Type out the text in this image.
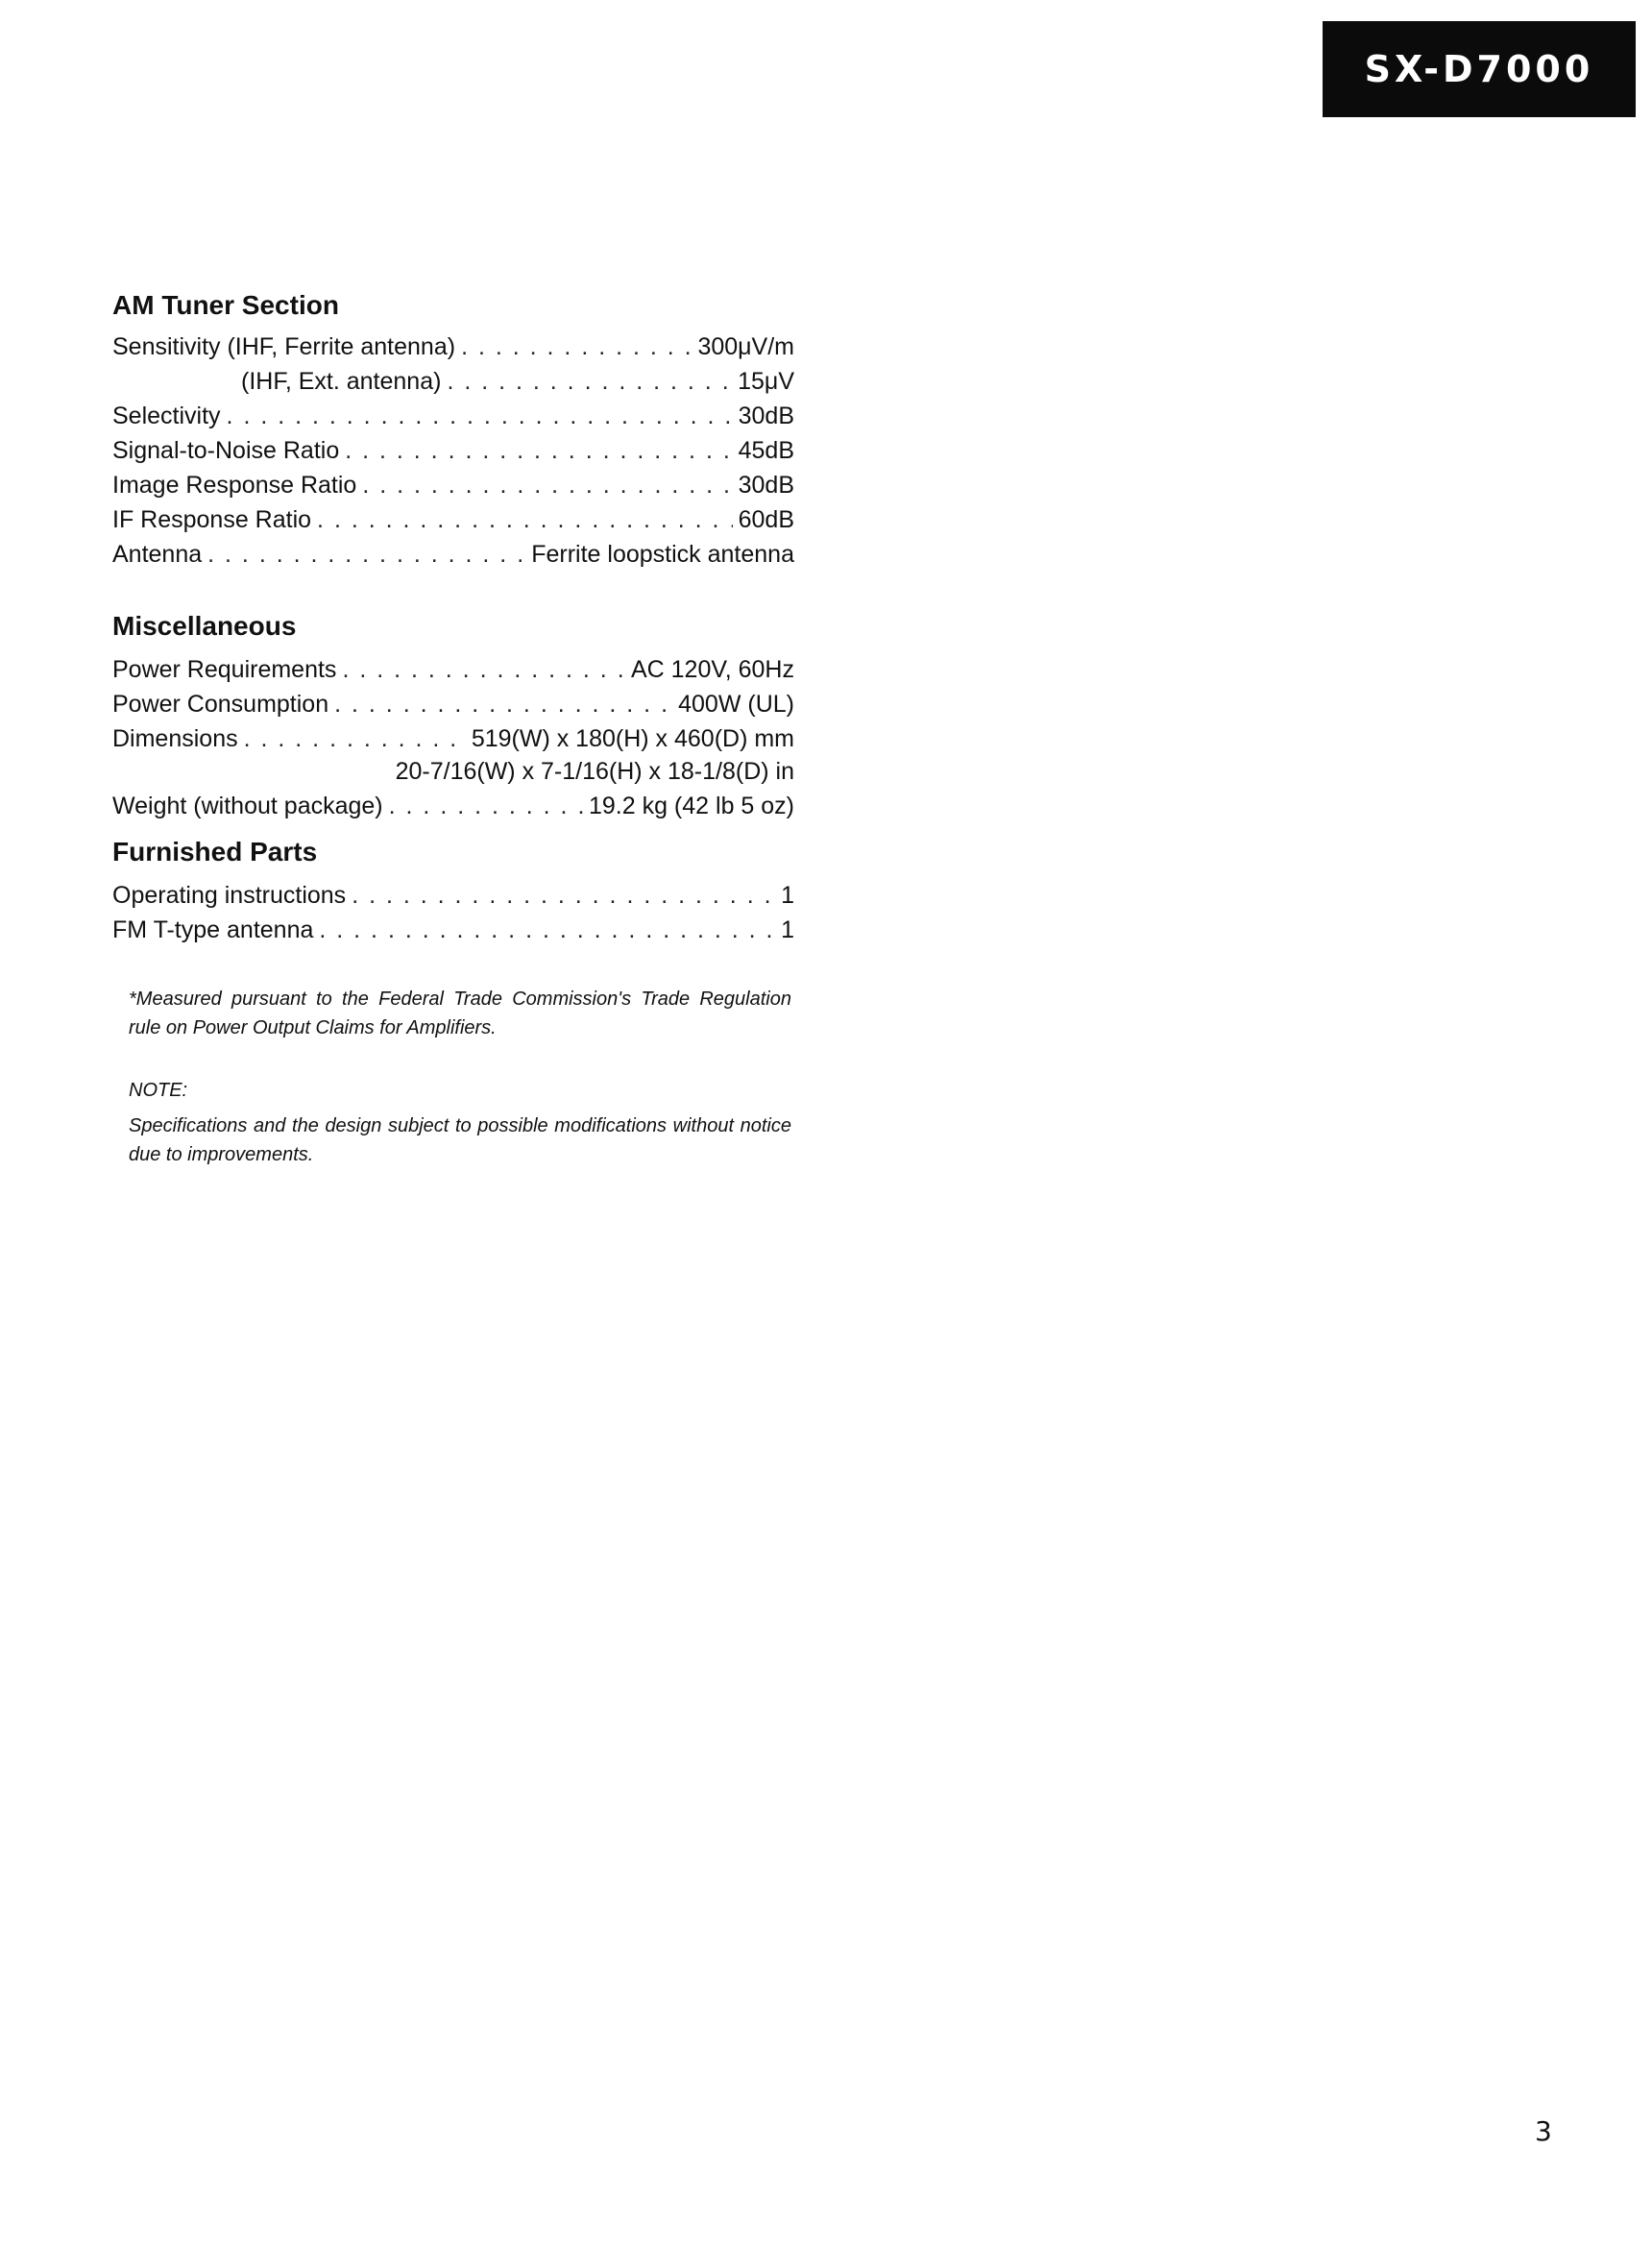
SX-D7000
AM Tuner Section
Sensitivity (IHF, Ferrite antenna) . . .	300μV/m
(IHF, Ext. antenna) . . .	15μV
Selectivity . . .	30dB
Signal-to-Noise Ratio . . .	45dB
Image Response Ratio . . .	30dB
IF Response Ratio . . .	60dB
Antenna . . .	Ferrite loopstick antenna
Miscellaneous
Power Requirements . . .	AC 120V, 60Hz
Power Consumption . . .	400W (UL)
Dimensions . . .	519(W) x 180(H) x 460(D) mm
20-7/16(W) x 7-1/16(H) x 18-1/8(D) in
Weight (without package) . . .	19.2 kg (42 lb 5 oz)
Furnished Parts
Operating instructions . . .	1
FM T-type antenna . . .	1
*Measured pursuant to the Federal Trade Commission's Trade Regulation rule on Power Output Claims for Amplifiers.
NOTE:
Specifications and the design subject to possible modifications without notice due to improvements.
3
